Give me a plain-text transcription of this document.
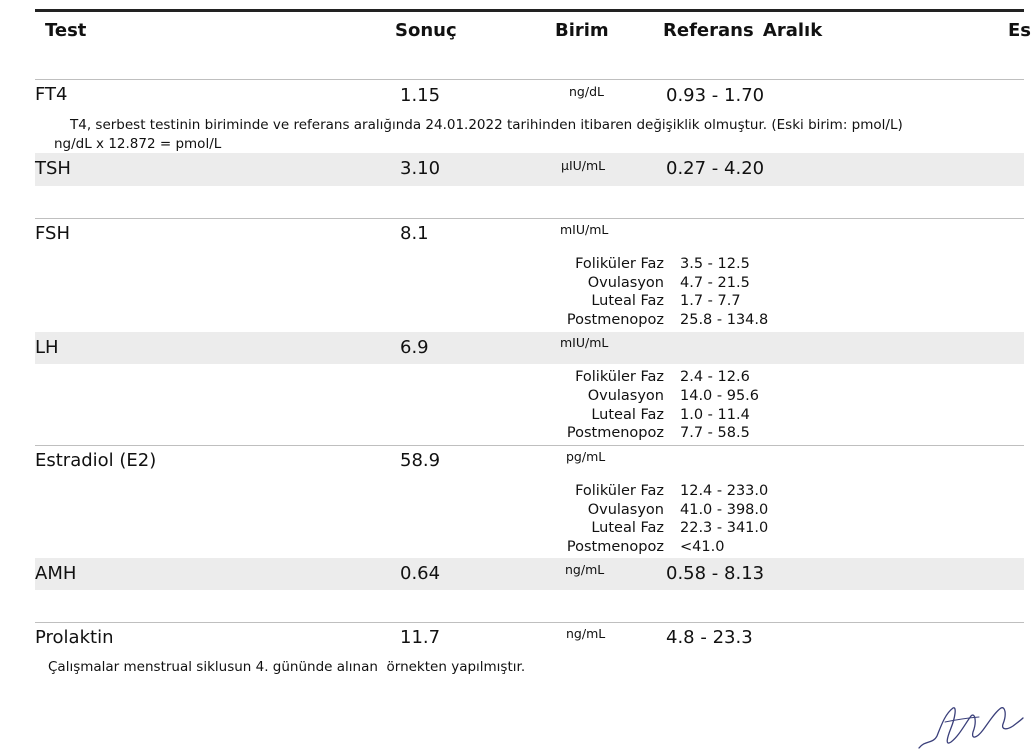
Test	Sonuç	Birim	Referans Aralık	Es
FT4	1.15	ng/dL	0.93 - 1.70
T4, serbest testinin biriminde ve referans aralığında 24.01.2022 tarihinden itibaren değişiklik olmuştur. (Eski birim: pmol/L)
ng/dL x 12.872 = pmol/L
TSH	3.10	µIU/mL	0.27 - 4.20
FSH	8.1	mIU/mL
Foliküler Faz 3.5 - 12.5
Ovulasyon 4.7 - 21.5
Luteal Faz 1.7 - 7.7
Postmenopoz 25.8 - 134.8
LH	6.9	mIU/mL
Foliküler Faz 2.4 - 12.6
Ovulasyon 14.0 - 95.6
Luteal Faz 1.0 - 11.4
Postmenopoz 7.7 - 58.5
Estradiol (E2)	58.9	pg/mL
Foliküler Faz 12.4 - 233.0
Ovulasyon 41.0 - 398.0
Luteal Faz 22.3 - 341.0
Postmenopoz <41.0
AMH	0.64	ng/mL	0.58 - 8.13
Prolaktin	11.7	ng/mL	4.8 - 23.3
Çalışmalar menstrual siklusun 4. gününde alınan  örnekten yapılmıştır.
